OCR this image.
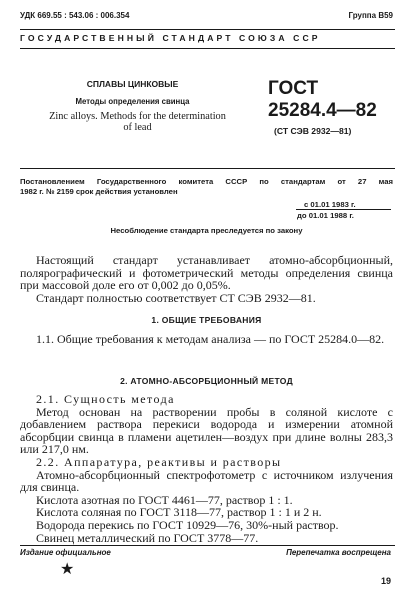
УДК 669.55 : 543.06 : 006.354	Группа В59
ГОСУДАРСТВЕННЫЙ СТАНДАРТ СОЮЗА ССР
СПЛАВЫ ЦИНКОВЫЕ
Методы определения свинца
Zinc alloys. Methods for the determination
of lead
ГОСТ
25284.4—82
(СТ СЭВ 2932—81)
Постановлением Государственного комитета СССР по стандартам от 27 мая
1982 г. № 2159 срок действия установлен
с 01.01 1983 г.
до 01.01 1988 г.
Несоблюдение стандарта преследуется по закону

Настоящий стандарт устанавливает атомно-абсорбционный, полярографический и фотометрический методы определения свинца при массовой доле его от 0,002 до 0,05%.

Стандарт полностью соответствует СТ СЭВ 2932—81.

1. ОБЩИЕ ТРЕБОВАНИЯ

1.1. Общие требования к методам анализа — по ГОСТ 25284.0—82.

2. АТОМНО-АБСОРБЦИОННЫЙ МЕТОД

2.1. Сущность метода

Метод основан на растворении пробы в соляной кислоте с добавлением раствора перекиси водорода и измерении атомной абсорбции свинца в пламени ацетилен—воздух при длине волны 283,3 или 217,0 нм.

2.2. Аппаратура, реактивы и растворы

Атомно-абсорбционный спектрофотометр с источником излучения для свинца.

Кислота азотная по ГОСТ 4461—77, раствор 1 : 1.

Кислота соляная по ГОСТ 3118—77, раствор 1 : 1 и 2 н.

Водорода перекись по ГОСТ 10929—76, 30%-ный раствор.

Свинец металлический по ГОСТ 3778—77.

Издание официальное	Перепечатка воспрещена
★
19
